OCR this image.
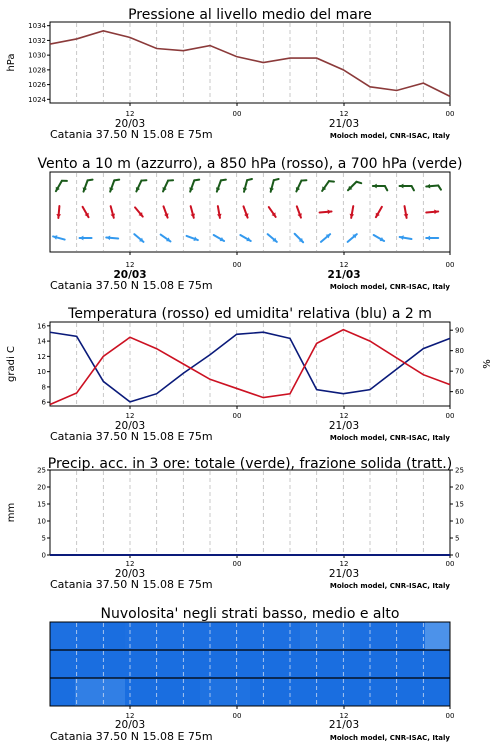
Pressione al livello medio del mare
12	00	12	00
20/03	21/03
Catania 37.50 N 15.08 E 75m	Moloch model, CNR-ISAC, Italy
1024
1026
1028
1030
1032
1034
hPa
Vento a 10 m (azzurro), a 850 hPa (rosso), a 700 hPa (verde)
12	00	12	00
20/03	21/03
Catania 37.50 N 15.08 E 75m	Moloch model, CNR-ISAC, Italy
Temperatura (rosso) ed umidita' relativa (blu) a 2 m
12	00	12	00
20/03	21/03
Catania 37.50 N 15.08 E 75m	Moloch model, CNR-ISAC, Italy
6
8
10
12
14
16
gradi C
60
70
80
90
%
Precip. acc. in 3 ore: totale (verde), frazione solida (tratt.)
12	00	12	00
20/03	21/03
Catania 37.50 N 15.08 E 75m	Moloch model, CNR-ISAC, Italy
0
5
10
15
20
25
mm
0
5
10
15
20
25
Nuvolosita' negli strati basso, medio e alto
12	00	12	00
20/03	21/03
Catania 37.50 N 15.08 E 75m	Moloch model, CNR-ISAC, Italy
